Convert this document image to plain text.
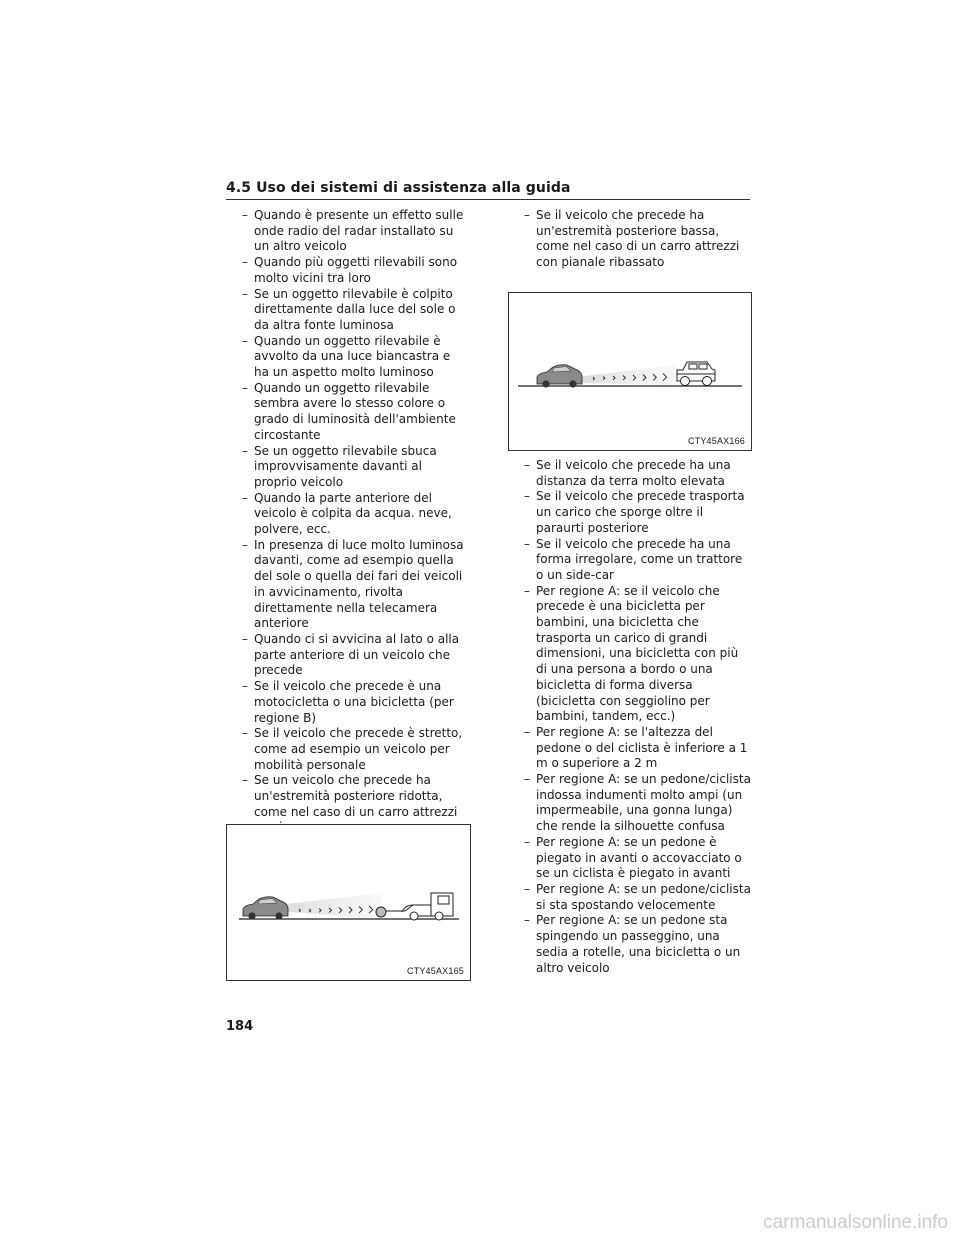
4.5 Uso dei sistemi di assistenza alla guida
– Quando è presente un effetto sulle onde radio del radar installato su un altro veicolo
– Quando più oggetti rilevabili sono molto vicini tra loro
– Se un oggetto rilevabile è colpito direttamente dalla luce del sole o da altra fonte luminosa
– Quando un oggetto rilevabile è avvolto da una luce biancastra e ha un aspetto molto luminoso
– Quando un oggetto rilevabile sembra avere lo stesso colore o grado di luminosità dell'ambiente circostante
– Se un oggetto rilevabile sbuca improvvisamente davanti al proprio veicolo
– Quando la parte anteriore del veicolo è colpita da acqua. neve, polvere, ecc.
– In presenza di luce molto luminosa davanti, come ad esempio quella del sole o quella dei fari dei veicoli in avvicinamento, rivolta direttamente nella telecamera anteriore
– Quando ci si avvicina al lato o alla parte anteriore di un veicolo che precede
– Se il veicolo che precede è una motocicletta o una bicicletta (per regione B)
– Se il veicolo che precede è stretto, come ad esempio un veicolo per mobilità personale
– Se un veicolo che precede ha un'estremità posteriore ridotta, come nel caso di un carro attrezzi
CTY45AX165
– Se il veicolo che precede ha un'estremità posteriore bassa, come nel caso di un carro attrezzi con pianale ribassato
CTY45AX166
– Se il veicolo che precede ha una distanza da terra molto elevata
– Se il veicolo che precede trasporta un carico che sporge oltre il paraurti posteriore
– Se il veicolo che precede ha una forma irregolare, come un trattore o un side-car
– Per regione A: se il veicolo che precede è una bicicletta per bambini, una bicicletta che trasporta un carico di grandi dimensioni, una bicicletta con più di una persona a bordo o una bicicletta di forma diversa (bicicletta con seggiolino per bambini, tandem, ecc.)
– Per regione A: se l'altezza del pedone o del ciclista è inferiore a 1 m o superiore a 2 m
– Per regione A: se un pedone/ciclista indossa indumenti molto ampi (un impermeabile, una gonna lunga) che rende la silhouette confusa
– Per regione A: se un pedone è piegato in avanti o accovacciato o se un ciclista è piegato in avanti
– Per regione A: se un pedone/ciclista si sta spostando velocemente
– Per regione A: se un pedone sta spingendo un passeggino, una sedia a rotelle, una bicicletta o un altro veicolo
184
carmanualsonline.info
